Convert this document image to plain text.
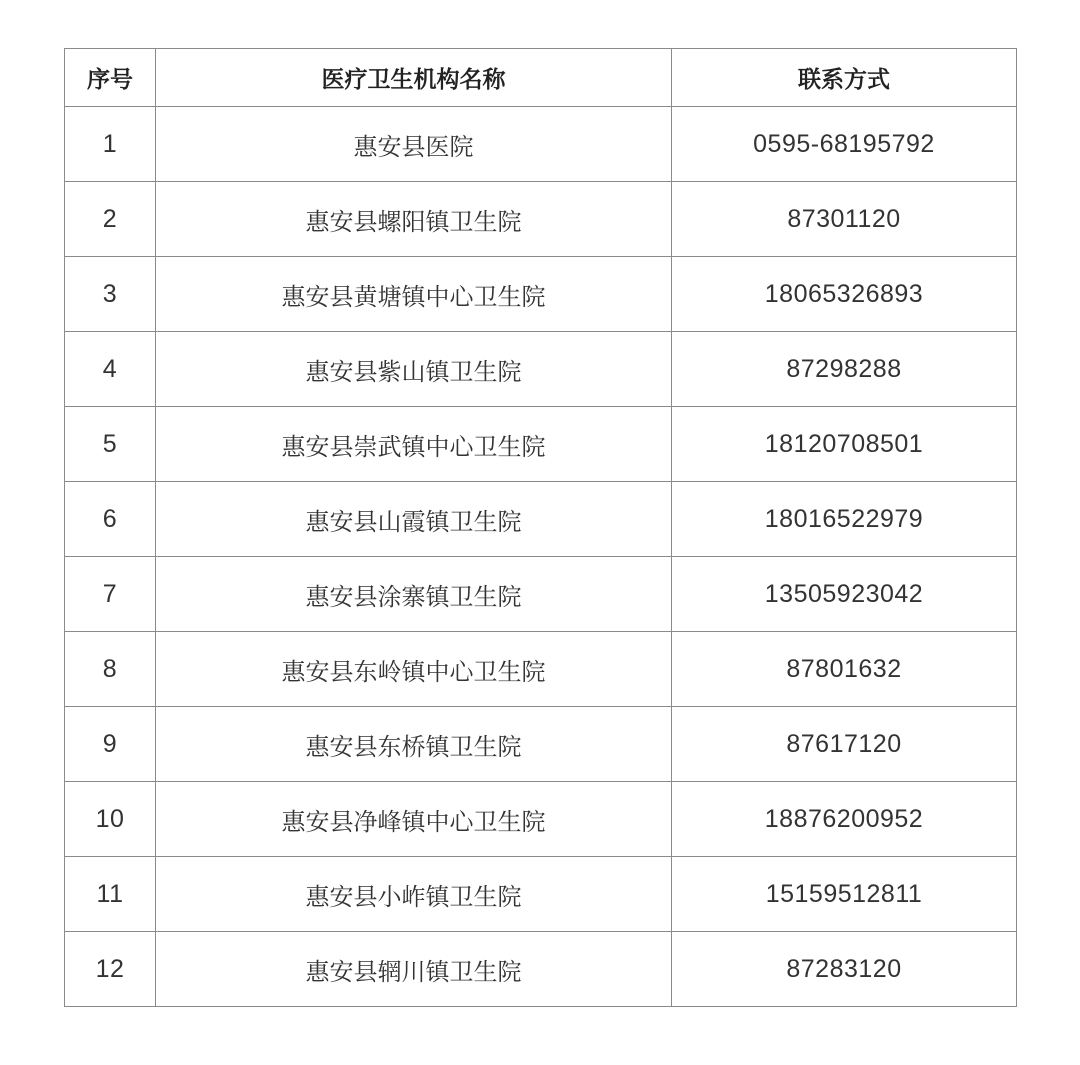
序号	医疗卫生机构名称	联系方式
1	惠安县医院	0595-68195792
2	惠安县螺阳镇卫生院	87301120
3	惠安县黄塘镇中心卫生院	18065326893
4	惠安县紫山镇卫生院	87298288
5	惠安县崇武镇中心卫生院	18120708501
6	惠安县山霞镇卫生院	18016522979
7	惠安县涂寨镇卫生院	13505923042
8	惠安县东岭镇中心卫生院	87801632
9	惠安县东桥镇卫生院	87617120
10	惠安县净峰镇中心卫生院	18876200952
11	惠安县小岞镇卫生院	15159512811
12	惠安县辋川镇卫生院	87283120
